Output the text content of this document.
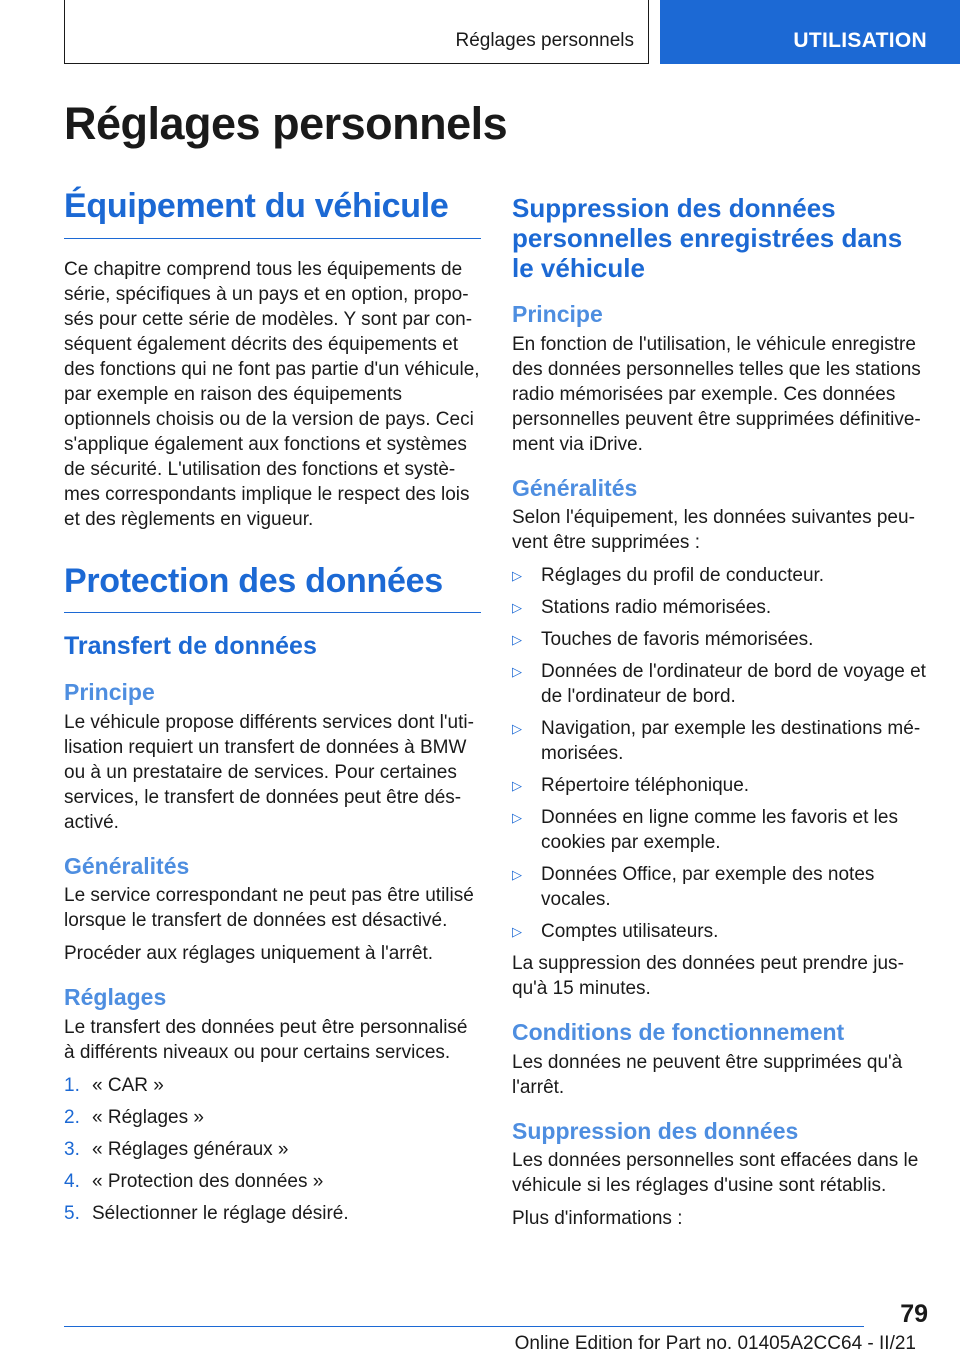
Réglages personnels	UTILISATION
Réglages personnels
Équipement du véhicule

Ce chapitre comprend tous les équipements de série, spécifiques à un pays et en option, proposés pour cette série de modèles. Y sont par conséquent également décrits des équipements et des fonctions qui ne font pas partie d'un véhicule, par exemple en raison des équipements optionnels choisis ou de la version de pays. Ceci s'applique également aux fonctions et systèmes de sécurité. L'utilisation des fonctions et systèmes correspondants implique le respect des lois et des règlements en vigueur.

Protection des données
Transfert de données
Principe

Le véhicule propose différents services dont l'utilisation requiert un transfert de données à BMW ou à un prestataire de services. Pour certaines services, le transfert de données peut être désactivé.

Généralités

Le service correspondant ne peut pas être utilisé lorsque le transfert de données est désactivé.

Procéder aux réglages uniquement à l'arrêt.

Réglages

Le transfert des données peut être personnalisé à différents niveaux ou pour certains services.

1. « CAR »
2. « Réglages »
3. « Réglages généraux »
4. « Protection des données »
5. Sélectionner le réglage désiré.
Suppression des données personnelles enregistrées dans le véhicule
Principe

En fonction de l'utilisation, le véhicule enregistre des données personnelles telles que les stations radio mémorisées par exemple. Ces données personnelles peuvent être supprimées définitivement via iDrive.

Généralités

Selon l'équipement, les données suivantes peuvent être supprimées :

▷	Réglages du profil de conducteur.
▷	Stations radio mémorisées.
▷	Touches de favoris mémorisées.
▷	Données de l'ordinateur de bord de voyage et de l'ordinateur de bord.
▷	Navigation, par exemple les destinations mémorisées.
▷	Répertoire téléphonique.
▷	Données en ligne comme les favoris et les cookies par exemple.
▷	Données Office, par exemple des notes vocales.
▷	Comptes utilisateurs.

La suppression des données peut prendre jusqu'à 15 minutes.

Conditions de fonctionnement

Les données ne peuvent être supprimées qu'à l'arrêt.

Suppression des données

Les données personnelles sont effacées dans le véhicule si les réglages d'usine sont rétablis.

Plus d'informations :

79
Online Edition for Part no. 01405A2CC64 - II/21
